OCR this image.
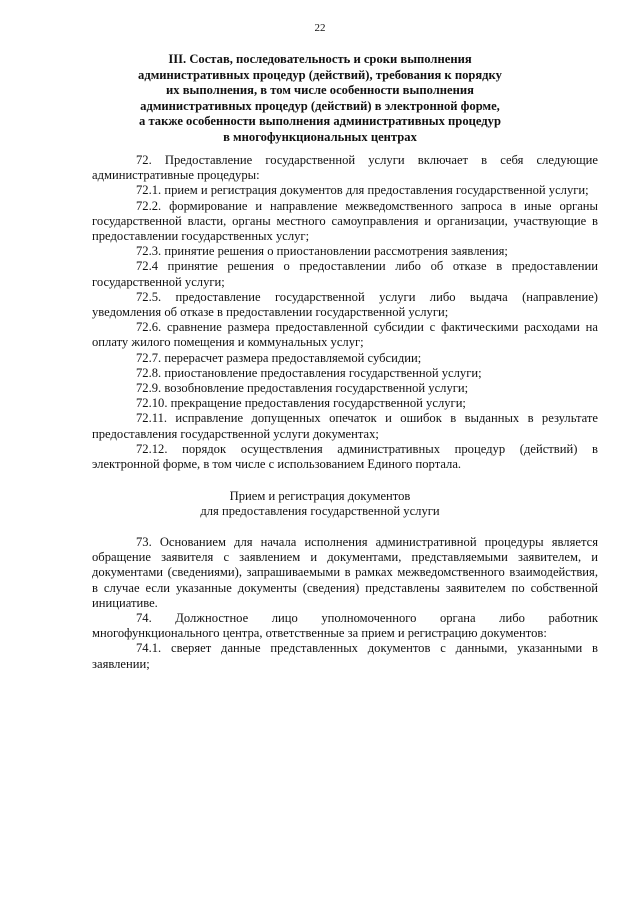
22
III. Состав, последовательность и сроки выполнения
административных процедур (действий), требования к порядку
их выполнения, в том числе особенности выполнения
административных процедур (действий) в электронной форме,
а также особенности выполнения административных процедур
в многофункциональных центрах

72. Предоставление государственной услуги включает в себя следующие административные процедуры:

72.1. прием и регистрация документов для предоставления государственной услуги;

72.2. формирование и направление межведомственного запроса в иные органы государственной власти, органы местного самоуправления и организации, участвующие в предоставлении государственных услуг;

72.3. принятие решения о приостановлении рассмотрения заявления;

72.4 принятие решения о предоставлении либо об отказе в предоставлении государственной услуги;

72.5. предоставление государственной услуги либо выдача (направление) уведомления об отказе в предоставлении государственной услуги;

72.6. сравнение размера предоставленной субсидии с фактическими расходами на оплату жилого помещения и коммунальных услуг;

72.7. перерасчет размера предоставляемой субсидии;

72.8. приостановление предоставления государственной услуги;

72.9. возобновление предоставления государственной услуги;

72.10. прекращение предоставления государственной услуги;

72.11. исправление допущенных опечаток и ошибок в выданных в результате предоставления государственной услуги документах;

72.12. порядок осуществления административных процедур (действий) в электронной форме, в том числе с использованием Единого портала.

Прием и регистрация документов
для предоставления государственной услуги

73. Основанием для начала исполнения административной процедуры является обращение заявителя с заявлением и документами, представляемыми заявителем, и документами (сведениями), запрашиваемыми в рамках межведомственного взаимодействия, в случае если указанные документы (сведения) представлены заявителем по собственной инициативе.

74. Должностное лицо уполномоченного органа либо работник многофункционального центра, ответственные за прием и регистрацию документов:

74.1. сверяет данные представленных документов с данными, указанными в заявлении;
